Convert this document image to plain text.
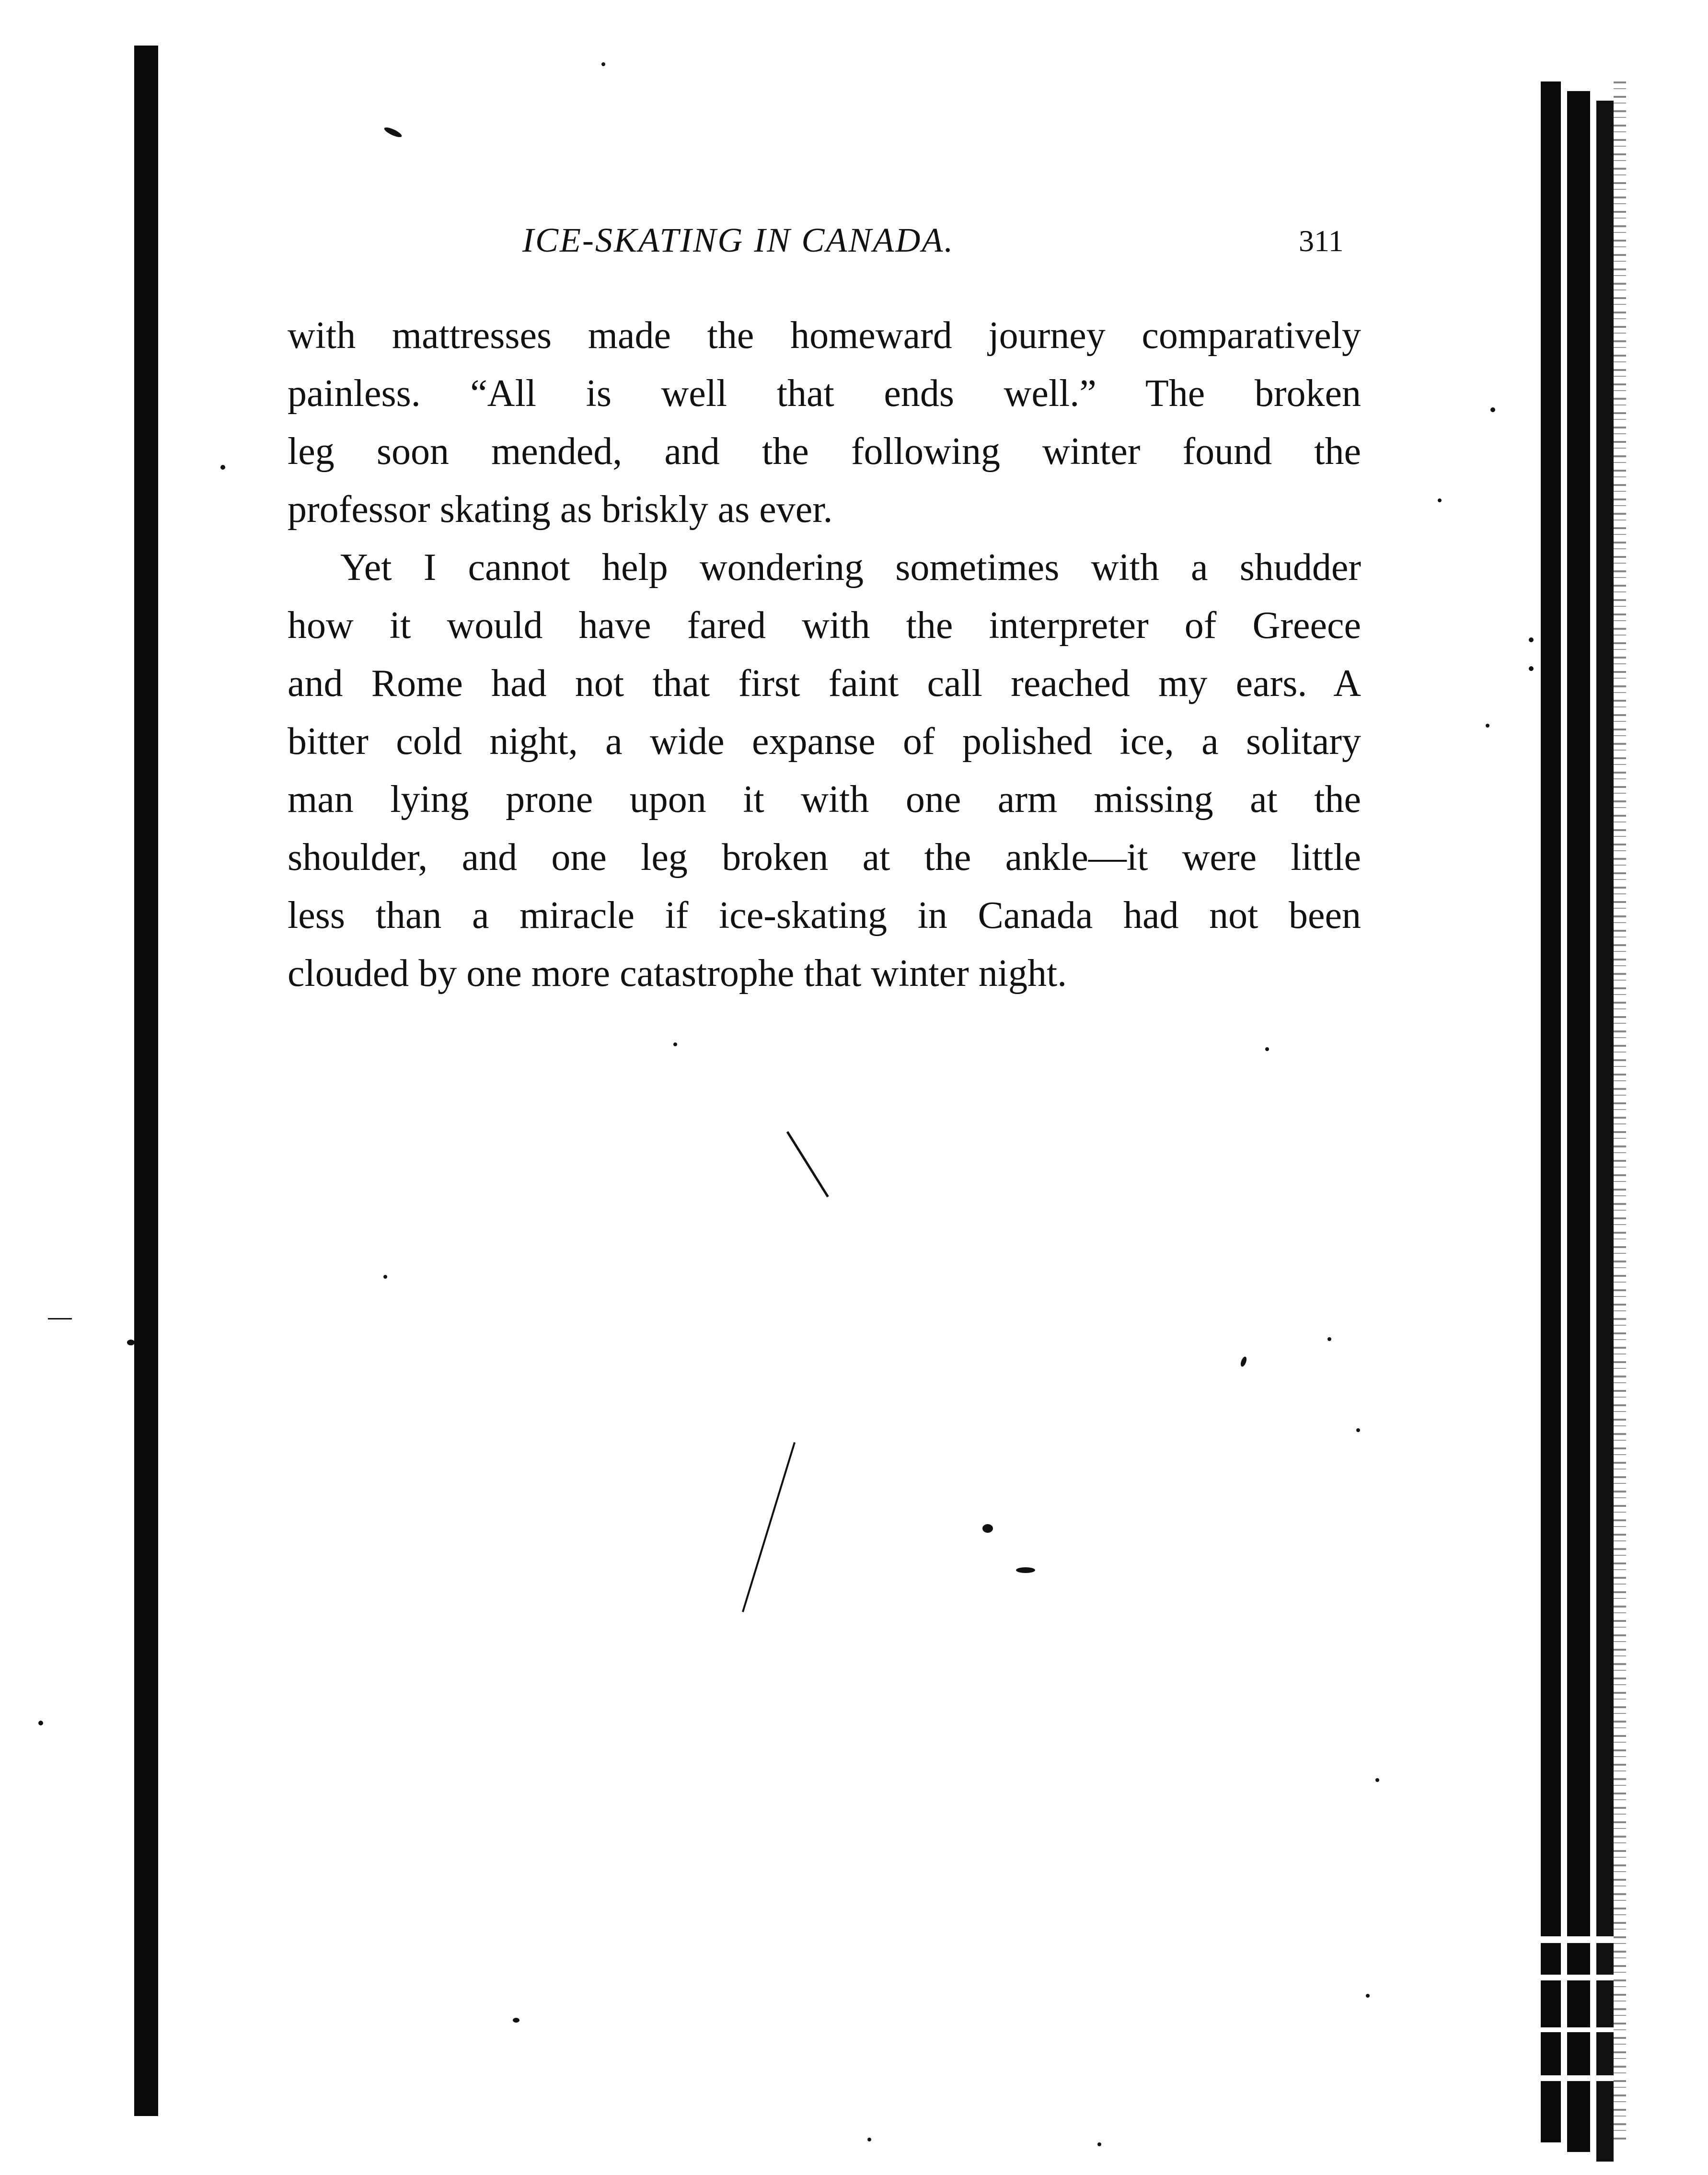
ICE-SKATING IN CANADA.	311
with mattresses made the homeward journey comparatively
painless. “All is well that ends well.” The broken
leg soon mended, and the following winter found the
professor skating as briskly as ever.
Yet I cannot help wondering sometimes with a shudder
how it would have fared with the interpreter of Greece
and Rome had not that first faint call reached my ears. A
bitter cold night, a wide expanse of polished ice, a solitary
man lying prone upon it with one arm missing at the
shoulder, and one leg broken at the ankle—it were little
less than a miracle if ice-skating in Canada had not been
clouded by one more catastrophe that winter night.
